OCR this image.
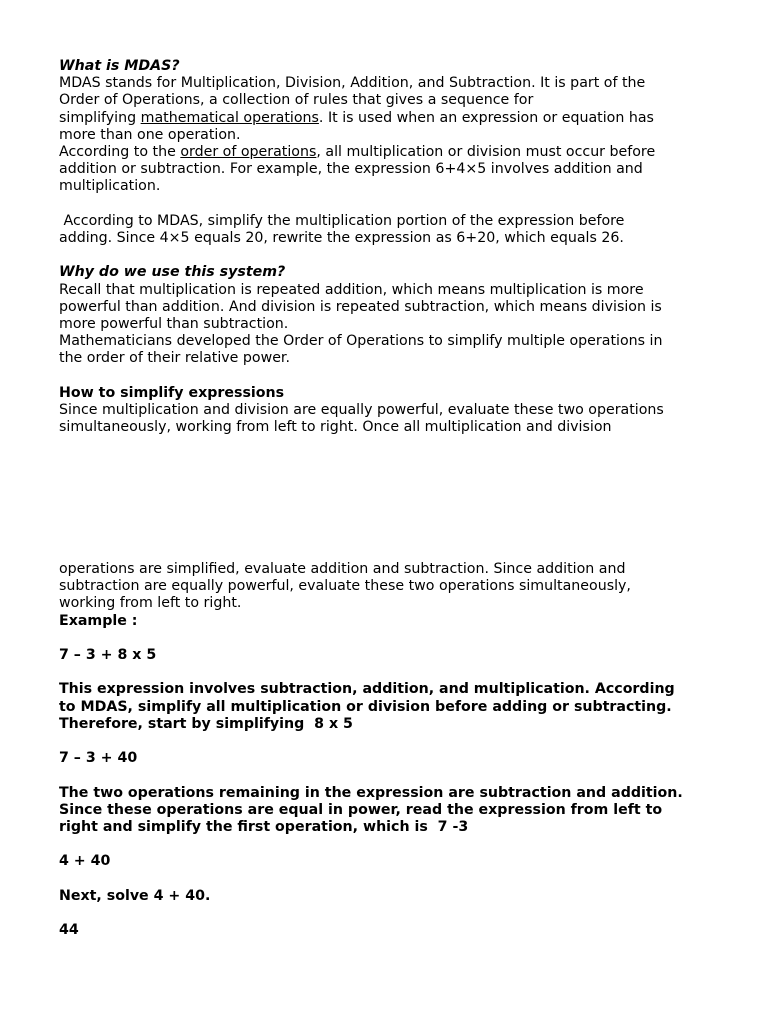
What is MDAS?

MDAS stands for Multiplication, Division, Addition, and Subtraction. It is part of the

Order of Operations, a collection of rules that gives a sequence for

simplifying mathematical operations. It is used when an expression or equation has

more than one operation.

According to the order of operations, all multiplication or division must occur before

addition or subtraction. For example, the expression 6+4×5 involves addition and

multiplication.

According to MDAS, simplify the multiplication portion of the expression before

adding. Since 4×5 equals 20, rewrite the expression as 6+20, which equals 26.

Why do we use this system?

Recall that multiplication is repeated addition, which means multiplication is more

powerful than addition. And division is repeated subtraction, which means division is

more powerful than subtraction.

Mathematicians developed the Order of Operations to simplify multiple operations in

the order of their relative power.

How to simplify expressions

Since multiplication and division are equally powerful, evaluate these two operations

simultaneously, working from left to right. Once all multiplication and division

operations are simplified, evaluate addition and subtraction. Since addition and

subtraction are equally powerful, evaluate these two operations simultaneously,

working from left to right.

Example :

7 – 3 + 8 x 5

This expression involves subtraction, addition, and multiplication. According

to MDAS, simplify all multiplication or division before adding or subtracting.

Therefore, start by simplifying  8 x 5

7 – 3 + 40

The two operations remaining in the expression are subtraction and addition.

Since these operations are equal in power, read the expression from left to

right and simplify the first operation, which is  7 -3

4 + 40

Next, solve 4 + 40.

44
